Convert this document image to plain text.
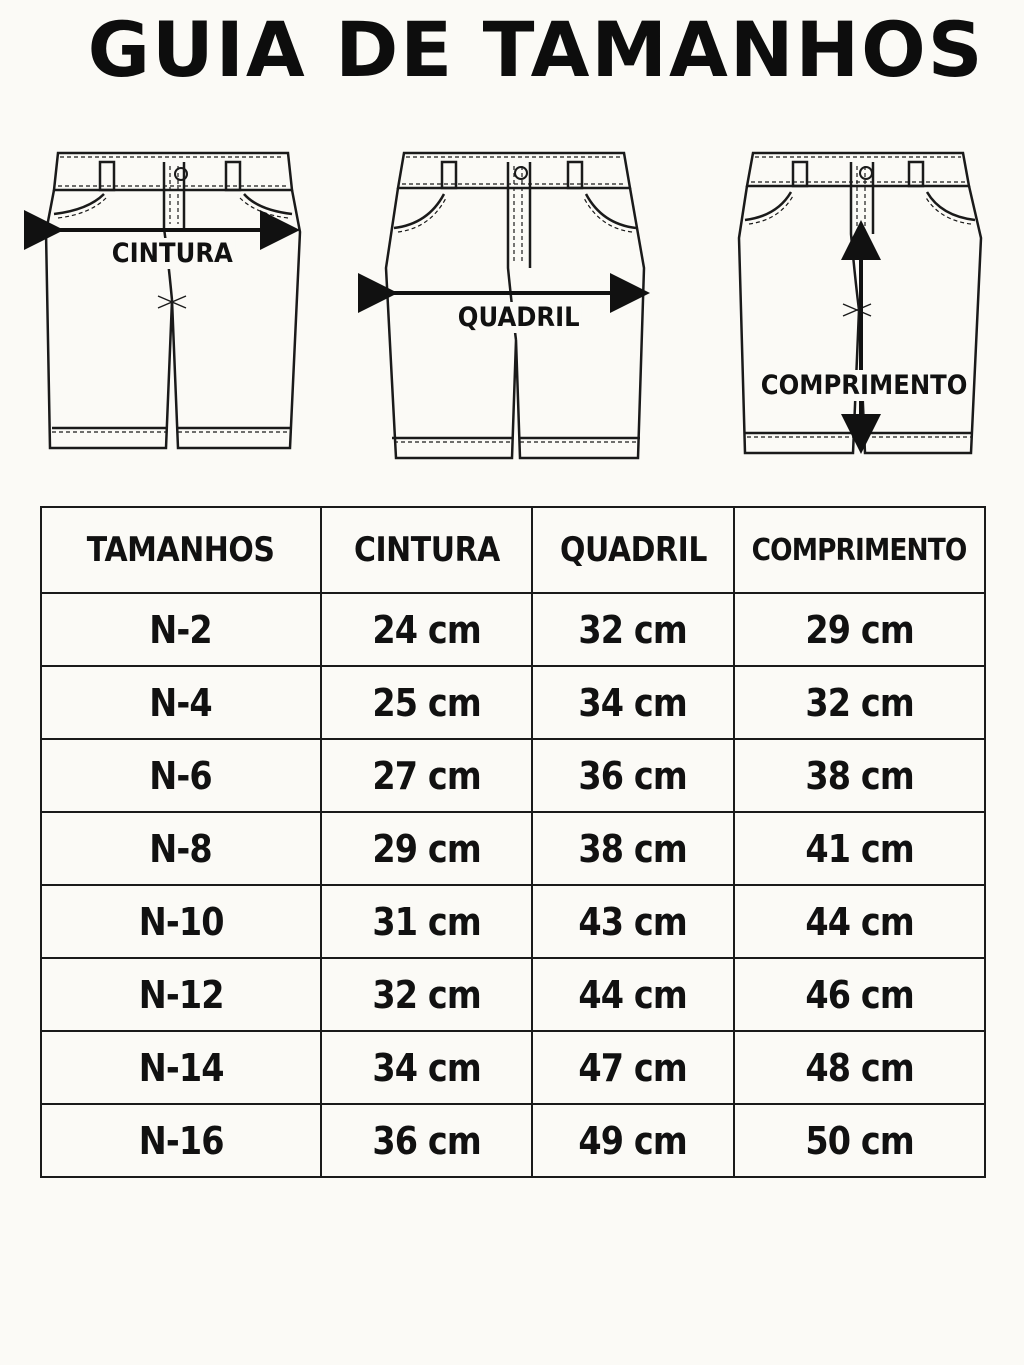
GUIA DE TAMANHOS
CINTURA
QUADRIL
COMPRIMENTO
TAMANHOS	CINTURA	QUADRIL	COMPRIMENTO
N-2	24 cm	32 cm	29 cm
N-4	25 cm	34 cm	32 cm
N-6	27 cm	36 cm	38 cm
N-8	29 cm	38 cm	41 cm
N-10	31 cm	43 cm	44 cm
N-12	32 cm	44 cm	46 cm
N-14	34 cm	47 cm	48 cm
N-16	36 cm	49 cm	50 cm
